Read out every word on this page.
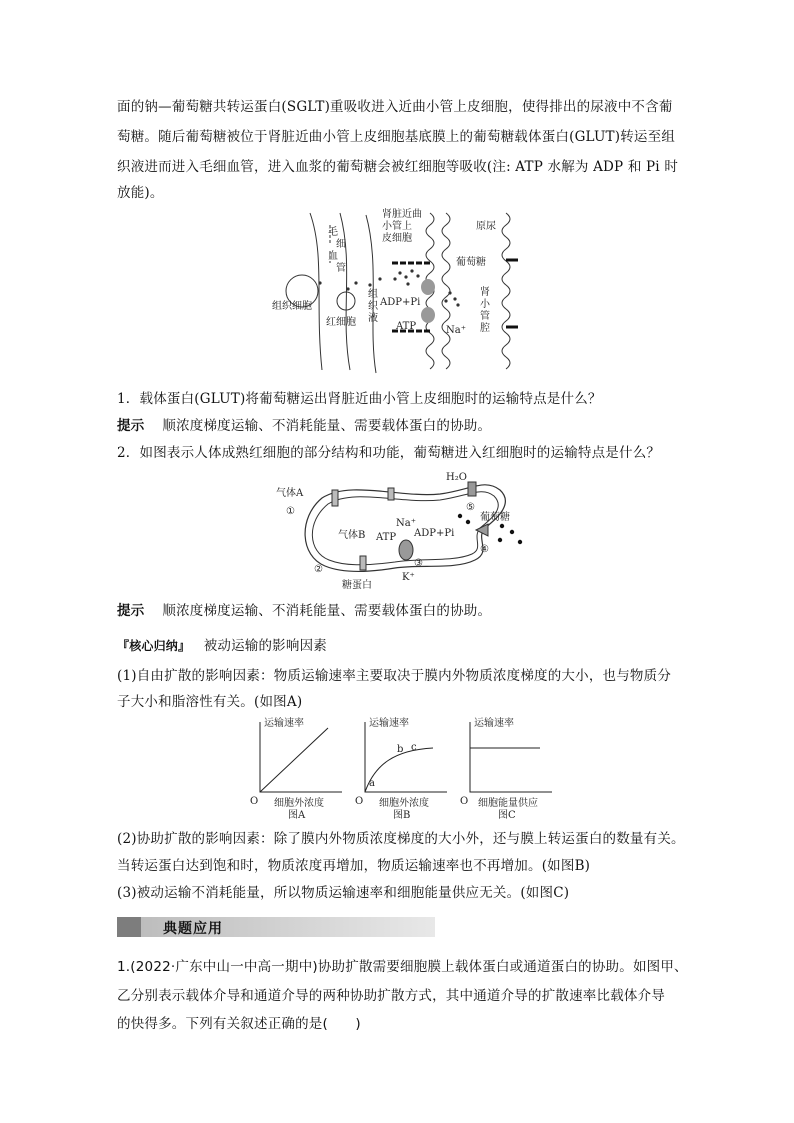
面的钠—葡萄糖共转运蛋白(SGLT)重吸收进入近曲小管上皮细胞，使得排出的尿液中不含葡
萄糖。随后葡萄糖被位于肾脏近曲小管上皮细胞基底膜上的葡萄糖载体蛋白(GLUT)转运至组
织液进而进入毛细血管，进入血浆的葡萄糖会被红细胞等吸收(注: ATP 水解为 ADP 和 Pi 时
放能)。
毛
细
血
管
肾脏近曲
小管上
皮细胞
原尿
葡萄糖
组织细胞
红细胞
组
织
液
ADP+Pi
ATP	Na⁺
肾
小
管
腔
1．载体蛋白(GLUT)将葡萄糖运出肾脏近曲小管上皮细胞时的运输特点是什么？
提示 顺浓度梯度运输、不消耗能量、需要载体蛋白的协助。
2．如图表示人体成熟红细胞的部分结构和功能，葡萄糖进入红细胞时的运输特点是什么？
气体A
①
气体B
②
糖蛋白
Na⁺
ATP ADP+Pi
③
K⁺
H₂O
⑤
葡萄糖
④
提示 顺浓度梯度运输、不消耗能量、需要载体蛋白的协助。
『核心归纳』 被动运输的影响因素
(1)自由扩散的影响因素：物质运输速率主要取决于膜内外物质浓度梯度的大小，也与物质分
子大小和脂溶性有关。(如图A)
运输速率
O 细胞外浓度
图A
运输速率
a
b c
O 细胞外浓度
图B
运输速率
O 细胞能量供应
图C
(2)协助扩散的影响因素：除了膜内外物质浓度梯度的大小外，还与膜上转运蛋白的数量有关。
当转运蛋白达到饱和时，物质浓度再增加，物质运输速率也不再增加。(如图B)
(3)被动运输不消耗能量，所以物质运输速率和细胞能量供应无关。(如图C)
典题应用
1.(2022·广东中山一中高一期中)协助扩散需要细胞膜上载体蛋白或通道蛋白的协助。如图甲、
乙分别表示载体介导和通道介导的两种协助扩散方式，其中通道介导的扩散速率比载体介导
的快得多。下列有关叙述正确的是(　　)
